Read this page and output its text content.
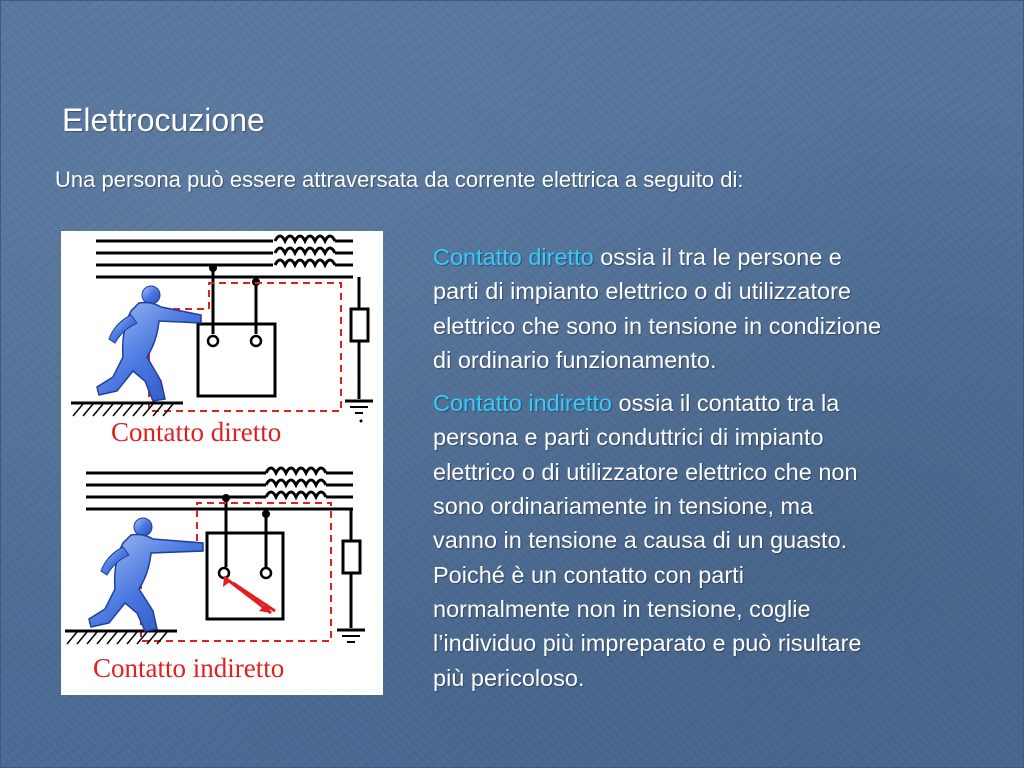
Elettrocuzione

Una persona può essere attraversata da corrente elettrica a seguito di:

Contatto diretto
Contatto indiretto

Contatto diretto ossia il tra le persone e
parti di impianto elettrico o di utilizzatore
elettrico che sono in tensione in condizione
di ordinario funzionamento.

Contatto indiretto ossia il contatto tra la
persona e parti conduttrici di impianto
elettrico o di utilizzatore elettrico che non
sono ordinariamente in tensione, ma
vanno in tensione a causa di un guasto.
Poiché è un contatto con parti
normalmente non in tensione, coglie
l’individuo più impreparato e può risultare
più pericoloso.
